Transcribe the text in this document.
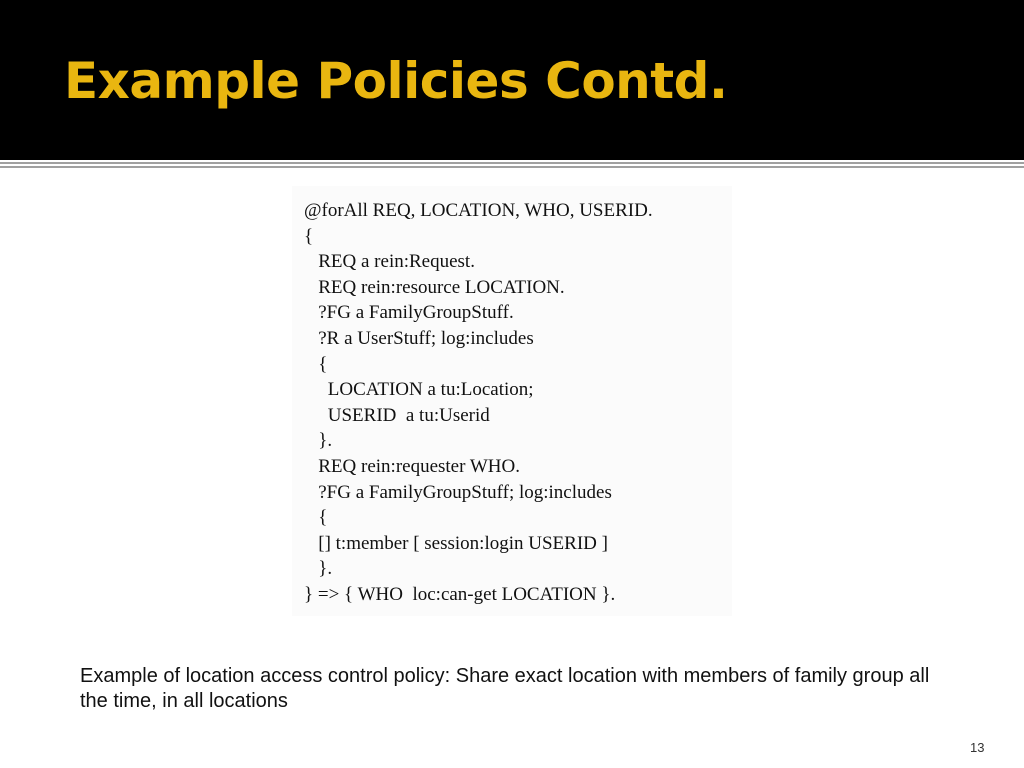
Example Policies Contd.
@forAll REQ, LOCATION, WHO, USERID.
{
REQ a rein:Request.
REQ rein:resource LOCATION.
?FG a FamilyGroupStuff.
?R a UserStuff; log:includes
{
LOCATION a tu:Location;
USERID  a tu:Userid
}.
REQ rein:requester WHO.
?FG a FamilyGroupStuff; log:includes
{
[] t:member [ session:login USERID ]
}.
} => { WHO  loc:can-get LOCATION }.
Example of location access control policy: Share exact location with members of family group all the time, in all locations
13
